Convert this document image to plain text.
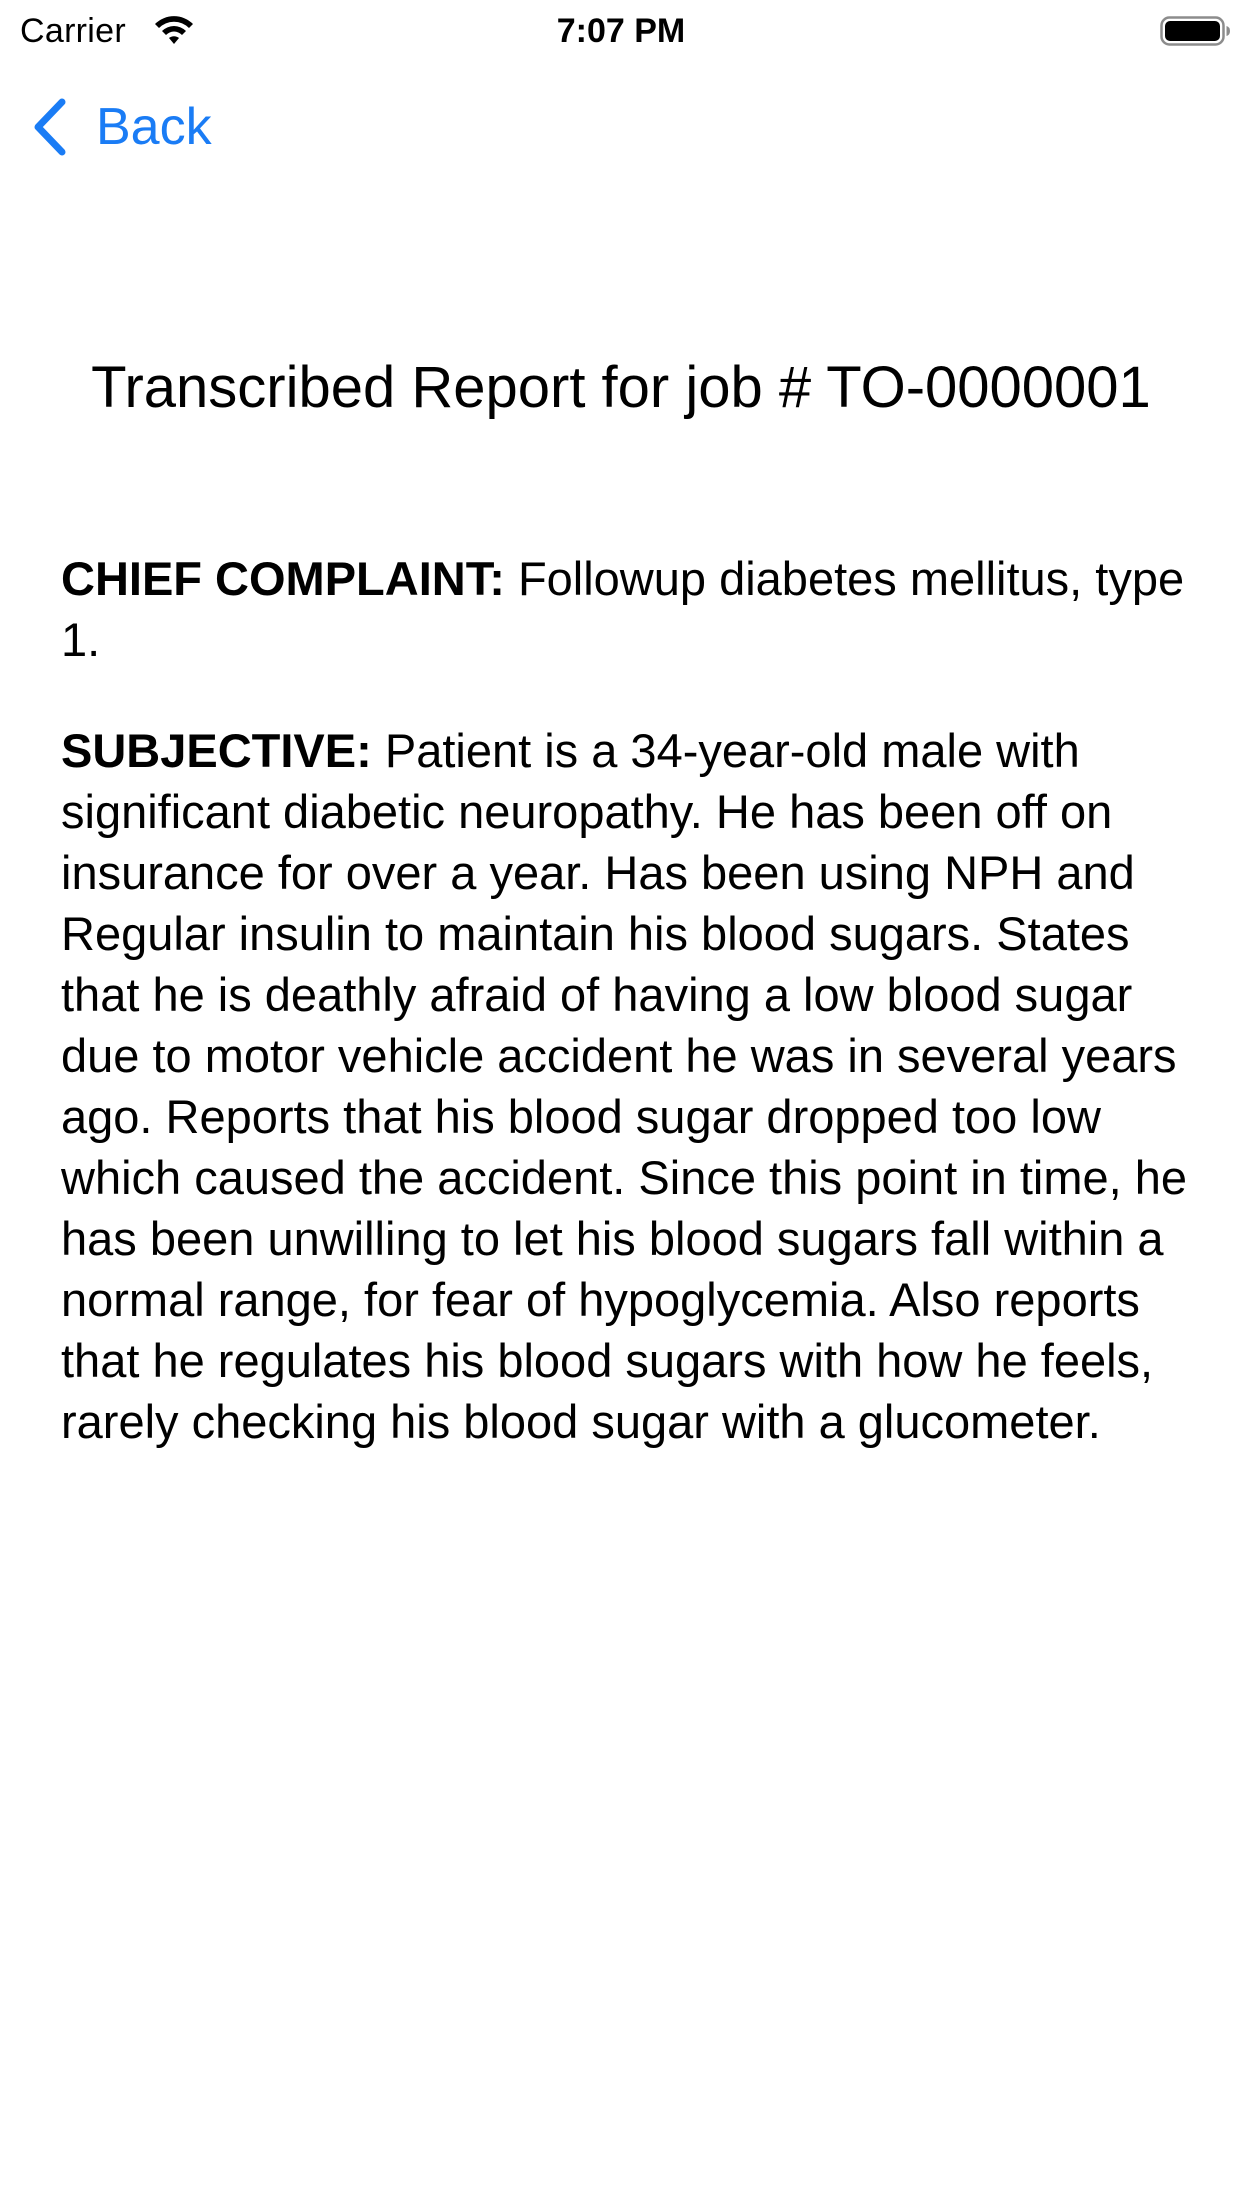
Carrier	7:07 PM
Back
Transcribed Report for job # TO-0000001

CHIEF COMPLAINT: Followup diabetes mellitus, type 1.

SUBJECTIVE: Patient is a 34-year-old male with significant diabetic neuropathy. He has been off on insurance for over a year. Has been using NPH and Regular insulin to maintain his blood sugars. States that he is deathly afraid of having a low blood sugar due to motor vehicle accident he was in several years ago. Reports that his blood sugar dropped too low which caused the accident. Since this point in time, he has been unwilling to let his blood sugars fall within a normal range, for fear of hypoglycemia. Also reports that he regulates his blood sugars with how he feels, rarely checking his blood sugar with a glucometer.
